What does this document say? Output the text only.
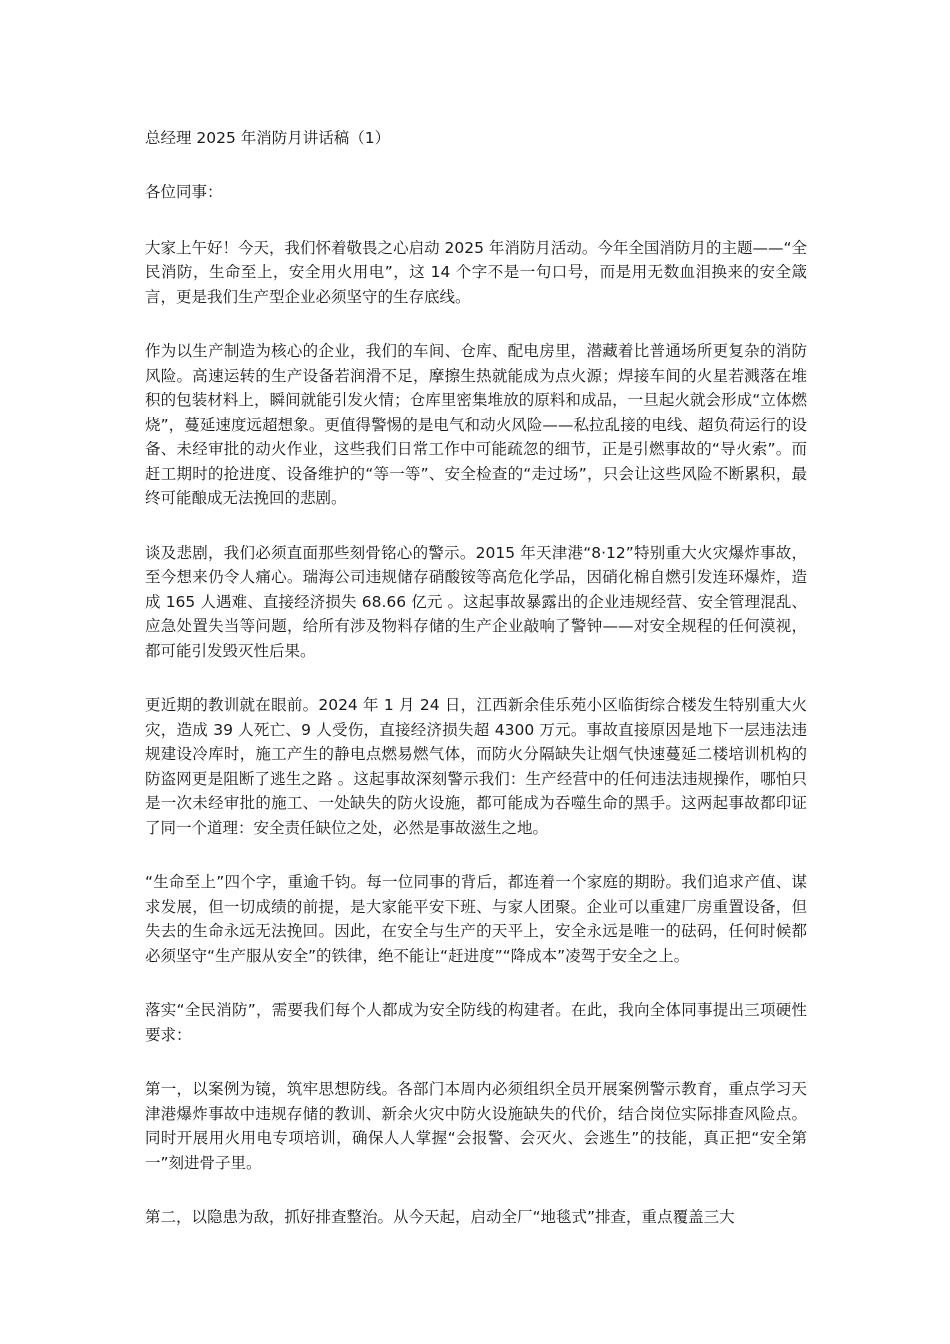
总经理 2025 年消防月讲话稿（1）

各位同事：

大家上午好！今天，我们怀着敬畏之心启动 2025 年消防月活动。今年全国消防月的主题——“全民消防，生命至上，安全用火用电”，这 14 个字不是一句口号，而是用无数血泪换来的安全箴言，更是我们生产型企业必须坚守的生存底线。

作为以生产制造为核心的企业，我们的车间、仓库、配电房里，潜藏着比普通场所更复杂的消防风险。高速运转的生产设备若润滑不足，摩擦生热就能成为点火源；焊接车间的火星若溅落在堆积的包装材料上，瞬间就能引发火情；仓库里密集堆放的原料和成品，一旦起火就会形成“立体燃烧”，蔓延速度远超想象。更值得警惕的是电气和动火风险——私拉乱接的电线、超负荷运行的设备、未经审批的动火作业，这些我们日常工作中可能疏忽的细节，正是引燃事故的“导火索”。而赶工期时的抢进度、设备维护的“等一等”、安全检查的“走过场”，只会让这些风险不断累积，最终可能酿成无法挽回的悲剧。

谈及悲剧，我们必须直面那些刻骨铭心的警示。2015 年天津港“8·12”特别重大火灾爆炸事故，至今想来仍令人痛心。瑞海公司违规储存硝酸铵等高危化学品，因硝化棉自燃引发连环爆炸，造成 165 人遇难、直接经济损失 68.66 亿元 。这起事故暴露出的企业违规经营、安全管理混乱、应急处置失当等问题，给所有涉及物料存储的生产企业敲响了警钟——对安全规程的任何漠视，都可能引发毁灭性后果。

更近期的教训就在眼前。2024 年 1 月 24 日，江西新余佳乐苑小区临街综合楼发生特别重大火灾，造成 39 人死亡、9 人受伤，直接经济损失超 4300 万元。事故直接原因是地下一层违法违规建设冷库时，施工产生的静电点燃易燃气体，而防火分隔缺失让烟气快速蔓延二楼培训机构的防盗网更是阻断了逃生之路 。这起事故深刻警示我们：生产经营中的任何违法违规操作，哪怕只是一次未经审批的施工、一处缺失的防火设施，都可能成为吞噬生命的黑手。这两起事故都印证了同一个道理：安全责任缺位之处，必然是事故滋生之地。

“生命至上”四个字，重逾千钧。每一位同事的背后，都连着一个家庭的期盼。我们追求产值、谋求发展，但一切成绩的前提，是大家能平安下班、与家人团聚。企业可以重建厂房重置设备，但失去的生命永远无法挽回。因此，在安全与生产的天平上，安全永远是唯一的砝码，任何时候都必须坚守“生产服从安全”的铁律，绝不能让“赶进度”“降成本”凌驾于安全之上。

落实“全民消防”，需要我们每个人都成为安全防线的构建者。在此，我向全体同事提出三项硬性要求：

第一，以案例为镜，筑牢思想防线。各部门本周内必须组织全员开展案例警示教育，重点学习天津港爆炸事故中违规存储的教训、新余火灾中防火设施缺失的代价，结合岗位实际排查风险点。同时开展用火用电专项培训，确保人人掌握“会报警、会灭火、会逃生”的技能，真正把“安全第一”刻进骨子里。

第二，以隐患为敌，抓好排查整治。从今天起，启动全厂“地毯式”排查，重点覆盖三大
